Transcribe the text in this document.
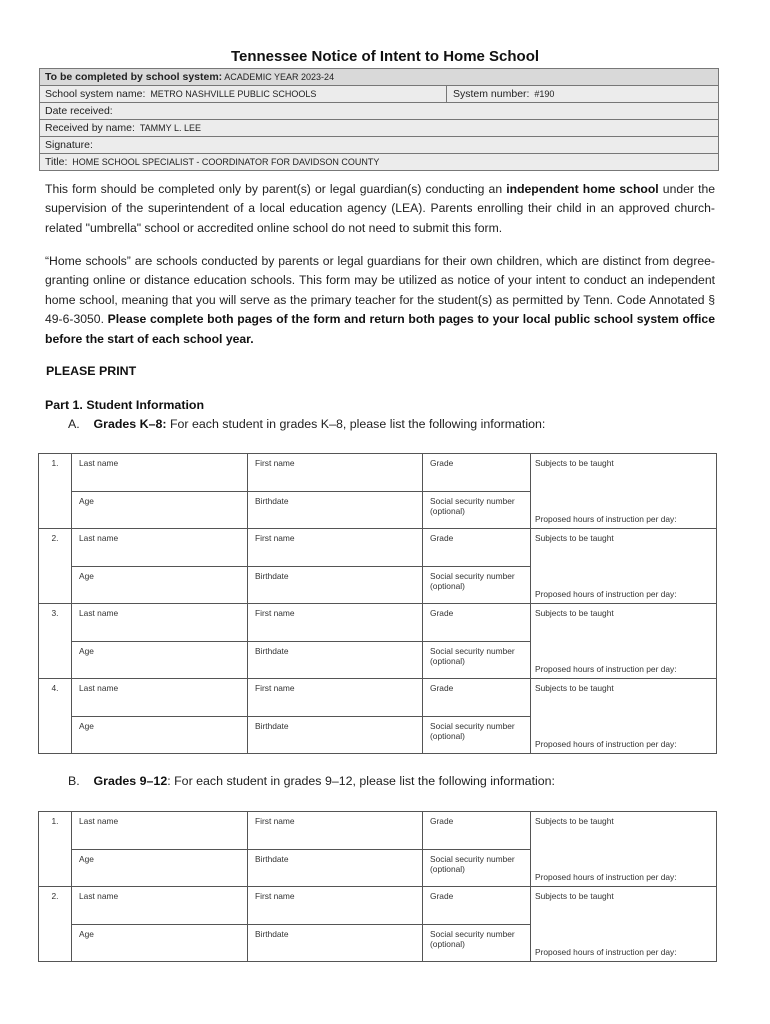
Tennessee Notice of Intent to Home School
To be completed by school system: ACADEMIC YEAR 2023-24
School system name: METRO NASHVILLE PUBLIC SCHOOLS	System number: #190
Date received:
Received by name: TAMMY L. LEE
Signature:
Title: HOME SCHOOL SPECIALIST - COORDINATOR FOR DAVIDSON COUNTY
This form should be completed only by parent(s) or legal guardian(s) conducting an independent home school under the supervision of the superintendent of a local education agency (LEA). Parents enrolling their child in an approved church-related "umbrella" school or accredited online school do not need to submit this form.
“Home schools” are schools conducted by parents or legal guardians for their own children, which are distinct from degree-granting online or distance education schools. This form may be utilized as notice of your intent to conduct an independent home school, meaning that you will serve as the primary teacher for the student(s) as permitted by Tenn. Code Annotated § 49-6-3050. Please complete both pages of the form and return both pages to your local public school system office before the start of each school year.
PLEASE PRINT
Part 1. Student Information
A. Grades K–8: For each student in grades K–8, please list the following information:
1.	Last name	First name	Grade	Subjects to be taught
Proposed hours of instruction per day:

	Age	Birthdate	Social security number (optional)	
2.	Last name	First name	Grade	Subjects to be taught
Proposed hours of instruction per day:

	Age	Birthdate	Social security number (optional)	
3.	Last name	First name	Grade	Subjects to be taught
Proposed hours of instruction per day:

	Age	Birthdate	Social security number (optional)	
4.	Last name	First name	Grade	Subjects to be taught
Proposed hours of instruction per day:

	Age	Birthdate	Social security number (optional)	
B. Grades 9–12: For each student in grades 9–12, please list the following information:
1.	Last name	First name	Grade	Subjects to be taught
Proposed hours of instruction per day:

	Age	Birthdate	Social security number (optional)	
2.	Last name	First name	Grade	Subjects to be taught
Proposed hours of instruction per day:

	Age	Birthdate	Social security number (optional)	
